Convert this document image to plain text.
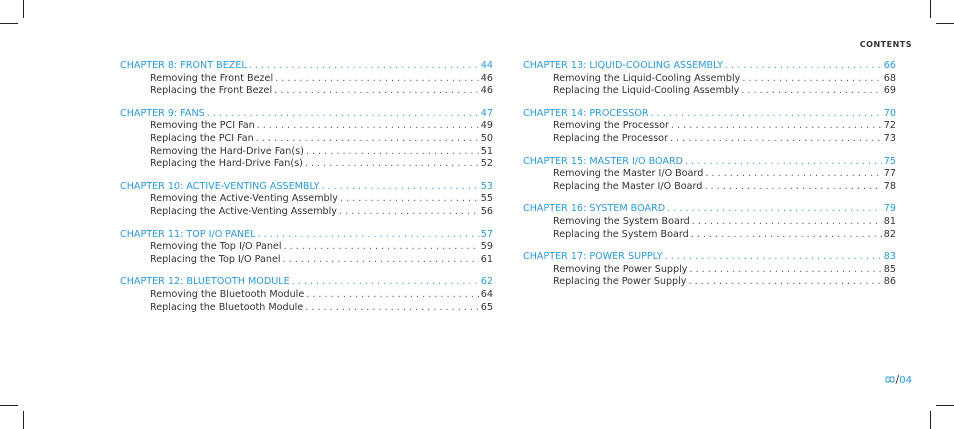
CONTENTS
CHAPTER 8: FRONT BEZEL . . .	44
Removing the Front Bezel . . .	46
Replacing the Front Bezel . . .	46
CHAPTER 9: FANS . . .	47
Removing the PCI Fan . . .	49
Replacing the PCI Fan . . .	50
Removing the Hard-Drive Fan(s) . . .	51
Replacing the Hard-Drive Fan(s) . . .	52
CHAPTER 10: ACTIVE-VENTING ASSEMBLY . . .	53
Removing the Active-Venting Assembly . . .	55
Replacing the Active-Venting Assembly . . .	56
CHAPTER 11: TOP I/O PANEL . . .	57
Removing the Top I/O Panel . . .	59
Replacing the Top I/O Panel . . .	61
CHAPTER 12: BLUETOOTH MODULE . . .	62
Removing the Bluetooth Module . . .	64
Replacing the Bluetooth Module . . .	65
CHAPTER 13: LIQUID-COOLING ASSEMBLY . . .	66
Removing the Liquid-Cooling Assembly . . .	68
Replacing the Liquid-Cooling Assembly . . .	69
CHAPTER 14: PROCESSOR . . .	70
Removing the Processor . . .	72
Replacing the Processor . . .	73
CHAPTER 15: MASTER I/O BOARD . . .	75
Removing the Master I/O Board . . .	77
Replacing the Master I/O Board . . .	78
CHAPTER 16: SYSTEM BOARD . . .	79
Removing the System Board . . .	81
Replacing the System Board . . .	82
CHAPTER 17: POWER SUPPLY . . .	83
Removing the Power Supply . . .	85
Replacing the Power Supply . . .	86
/ 04
